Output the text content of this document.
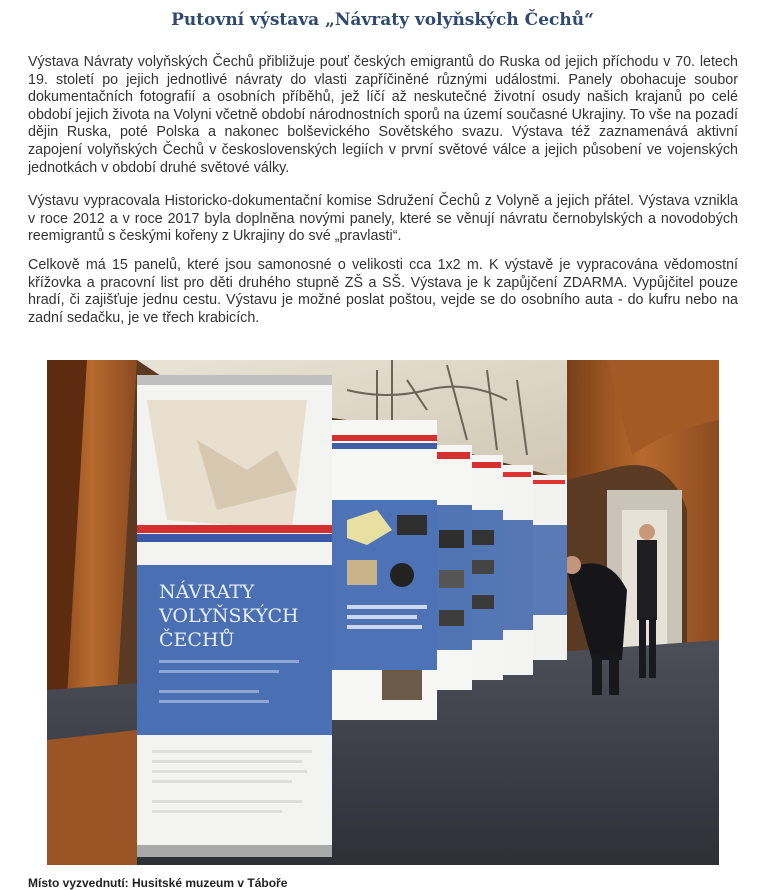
Putovní výstava „Návraty volyňských Čechů“

Výstava Návraty volyňských Čechů přibližuje pouť českých emigrantů do Ruska od jejich příchodu v 70. letech 19. století po jejich jednotlivé návraty do vlasti zapříčiněné různými událostmi. Panely obohacuje soubor dokumentačních fotografií a osobních příběhů, jež líčí až neskutečné životní osudy našich krajanů po celé období jejich života na Volyni včetně období národnostních sporů na území současné Ukrajiny. To vše na pozadí dějin Ruska, poté Polska a nakonec bolševického Sovětského svazu. Výstava též zaznamenává aktivní zapojení volyňských Čechů v československých legiích v první světové válce a jejich působení ve vojenských jednotkách v období druhé světové války.

Výstavu vypracovala Historicko-dokumentační komise Sdružení Čechů z Volyně a jejich přátel. Výstava vznikla v roce 2012 a v roce 2017 byla doplněna novými panely, které se věnují návratu černobylských a novodobých reemigrantů s českými kořeny z Ukrajiny do své „pravlasti“.

Celkově má 15 panelů, které jsou samonosné o velikosti cca 1x2 m. K výstavě je vypracována vědomostní křížovka a pracovní list pro děti druhého stupně ZŠ a SŠ. Výstava je k zapůjčení ZDARMA. Vypůjčitel pouze hradí, či zajišťuje jednu cestu. Výstavu je možné poslat poštou, vejde se do osobního auta - do kufru nebo na zadní sedačku, je ve třech krabicích.

NÁVRATY
VOLYŇSKÝCH
ČECHŮ

Místo vyzvednutí: Husitské muzeum v Táboře
